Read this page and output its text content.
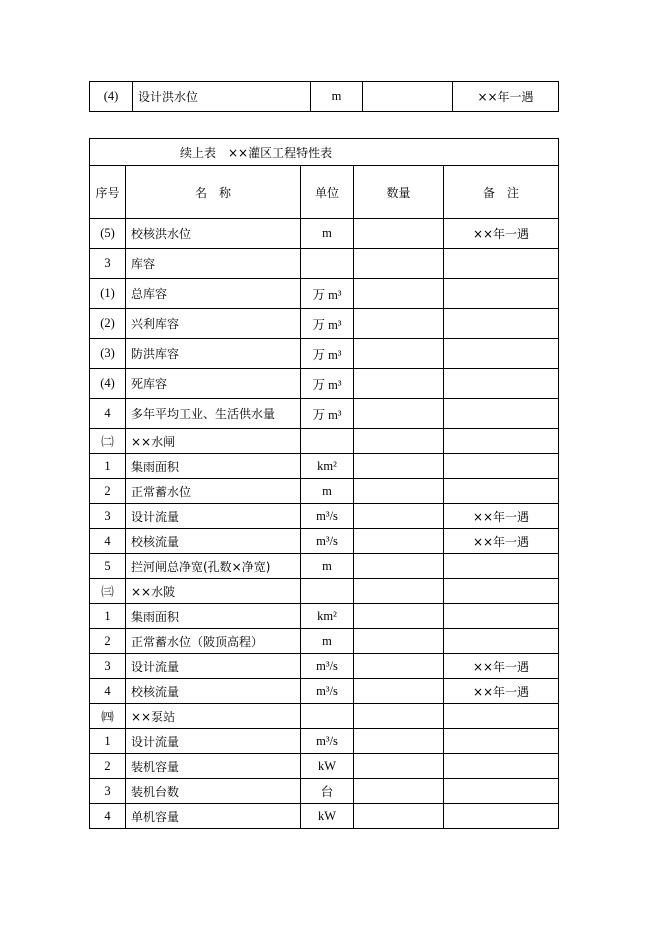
(4)	设计洪水位	m		××年一遇
续上表　××灌区工程特性表				
序号	名　称	单位	数量	备　注
(5)	校核洪水位	m		××年一遇
3	库容			
(1)	总库容	万 m³		
(2)	兴利库容	万 m³		
(3)	防洪库容	万 m³		
(4)	死库容	万 m³		
4	多年平均工业、生活供水量	万 m³		
㈡	××水闸			
1	集雨面积	km²		
2	正常蓄水位	m		
3	设计流量	m³/s		××年一遇
4	校核流量	m³/s		××年一遇
5	拦河闸总净宽(孔数×净宽)	m		
㈢	××水陂			
1	集雨面积	km²		
2	正常蓄水位（陂顶高程）	m		
3	设计流量	m³/s		××年一遇
4	校核流量	m³/s		××年一遇
㈣	××泵站			
1	设计流量	m³/s		
2	装机容量	kW		
3	装机台数	台		
4	单机容量	kW		
